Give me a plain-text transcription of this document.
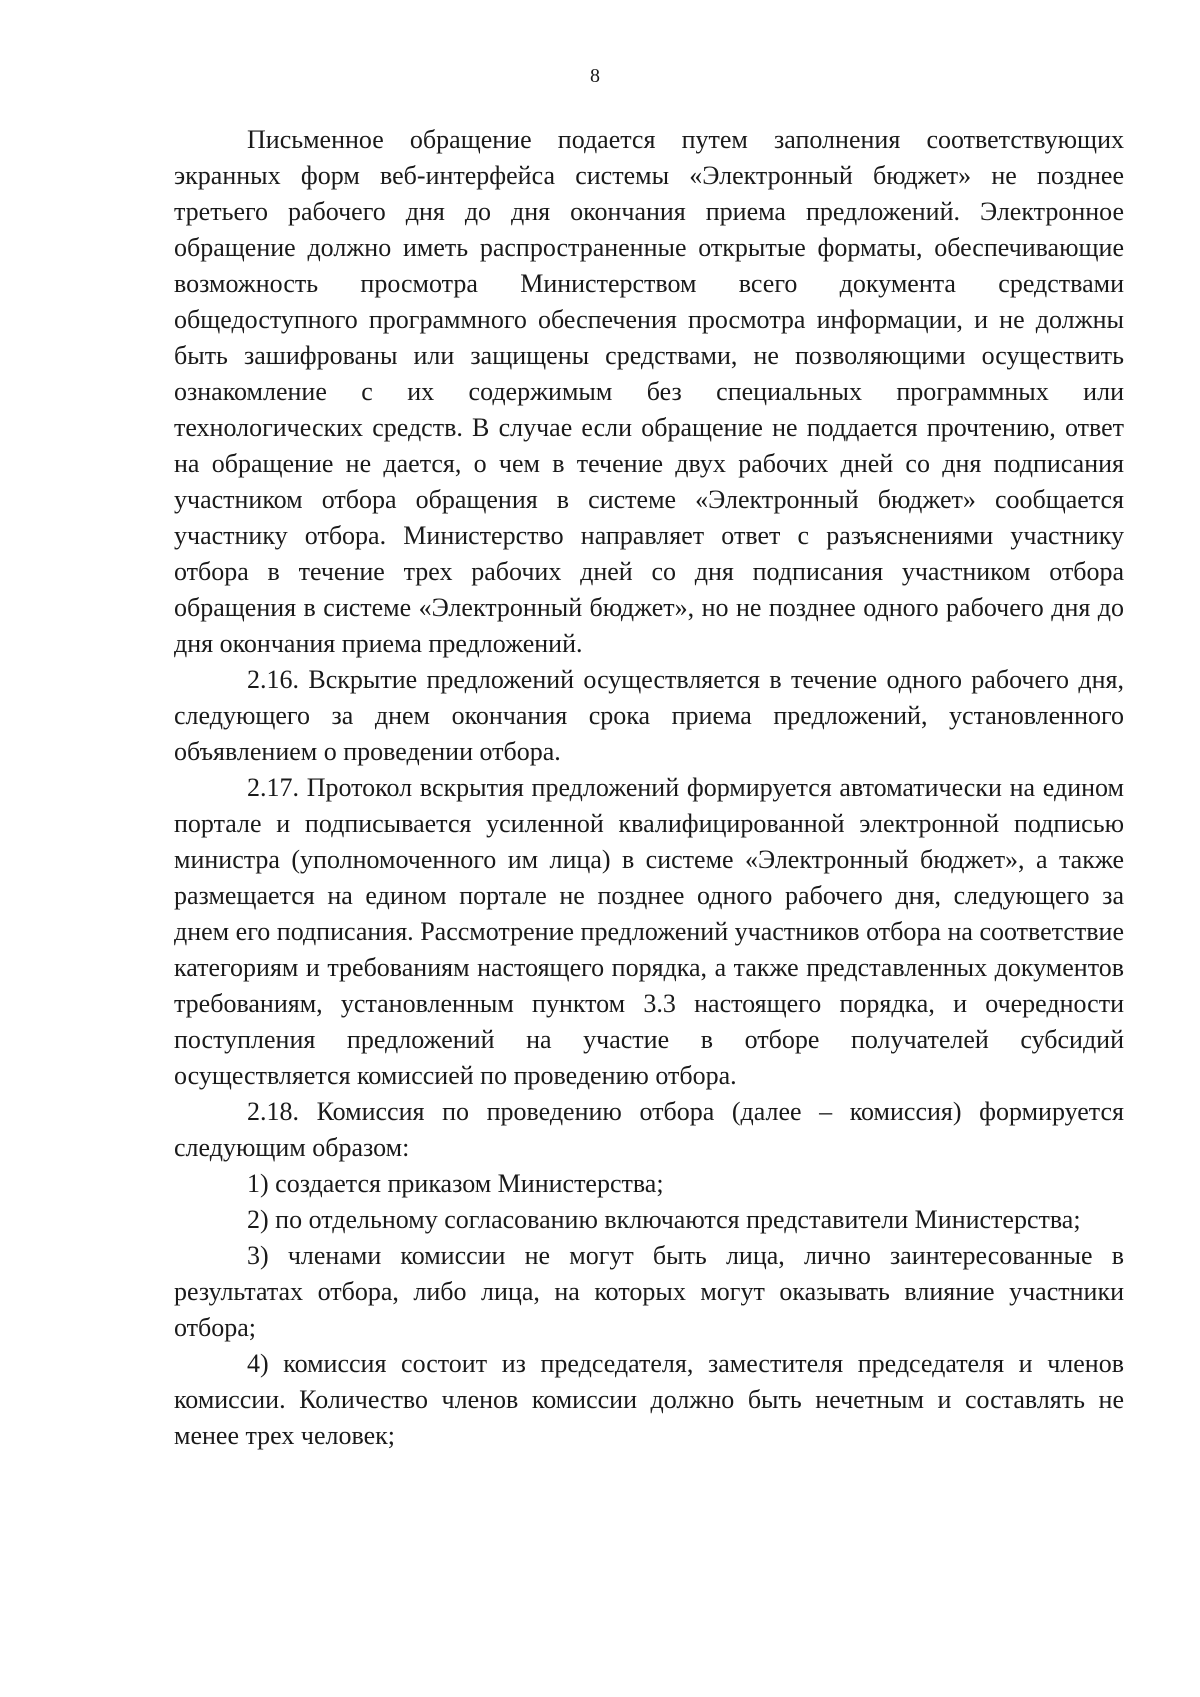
8

Письменное обращение подается путем заполнения соответствующих экранных форм веб-интерфейса системы «Электронный бюджет» не позднее третьего рабочего дня до дня окончания приема предложений. Электронное обращение должно иметь распространенные открытые форматы, обеспечивающие возможность просмотра Министерством всего документа средствами общедоступного программного обеспечения просмотра информации, и не должны быть зашифрованы или защищены средствами, не позволяющими осуществить ознакомление с их содержимым без специальных программных или технологических средств. В случае если обращение не поддается прочтению, ответ на обращение не дается, о чем в течение двух рабочих дней со дня подписания участником отбора обращения в системе «Электронный бюджет» сообщается участнику отбора. Министерство направляет ответ с разъяснениями участнику отбора в течение трех рабочих дней со дня подписания участником отбора обращения в системе «Электронный бюджет», но не позднее одного рабочего дня до дня окончания приема предложений.

2.16. Вскрытие предложений осуществляется в течение одного рабочего дня, следующего за днем окончания срока приема предложений, установленного объявлением о проведении отбора.

2.17. Протокол вскрытия предложений формируется автоматически на едином портале и подписывается усиленной квалифицированной электронной подписью министра (уполномоченного им лица) в системе «Электронный бюджет», а также размещается на едином портале не позднее одного рабочего дня, следующего за днем его подписания. Рассмотрение предложений участников отбора на соответствие категориям и требованиям настоящего порядка, а также представленных документов требованиям, установленным пунктом 3.3 настоящего порядка, и очередности поступления предложений на участие в отборе получателей субсидий осуществляется комиссией по проведению отбора.

2.18. Комиссия по проведению отбора (далее – комиссия) формируется следующим образом:

1) создается приказом Министерства;

2) по отдельному согласованию включаются представители Министерства;

3) членами комиссии не могут быть лица, лично заинтересованные в результатах отбора, либо лица, на которых могут оказывать влияние участники отбора;

4) комиссия состоит из председателя, заместителя председателя и членов комиссии. Количество членов комиссии должно быть нечетным и составлять не менее трех человек;
